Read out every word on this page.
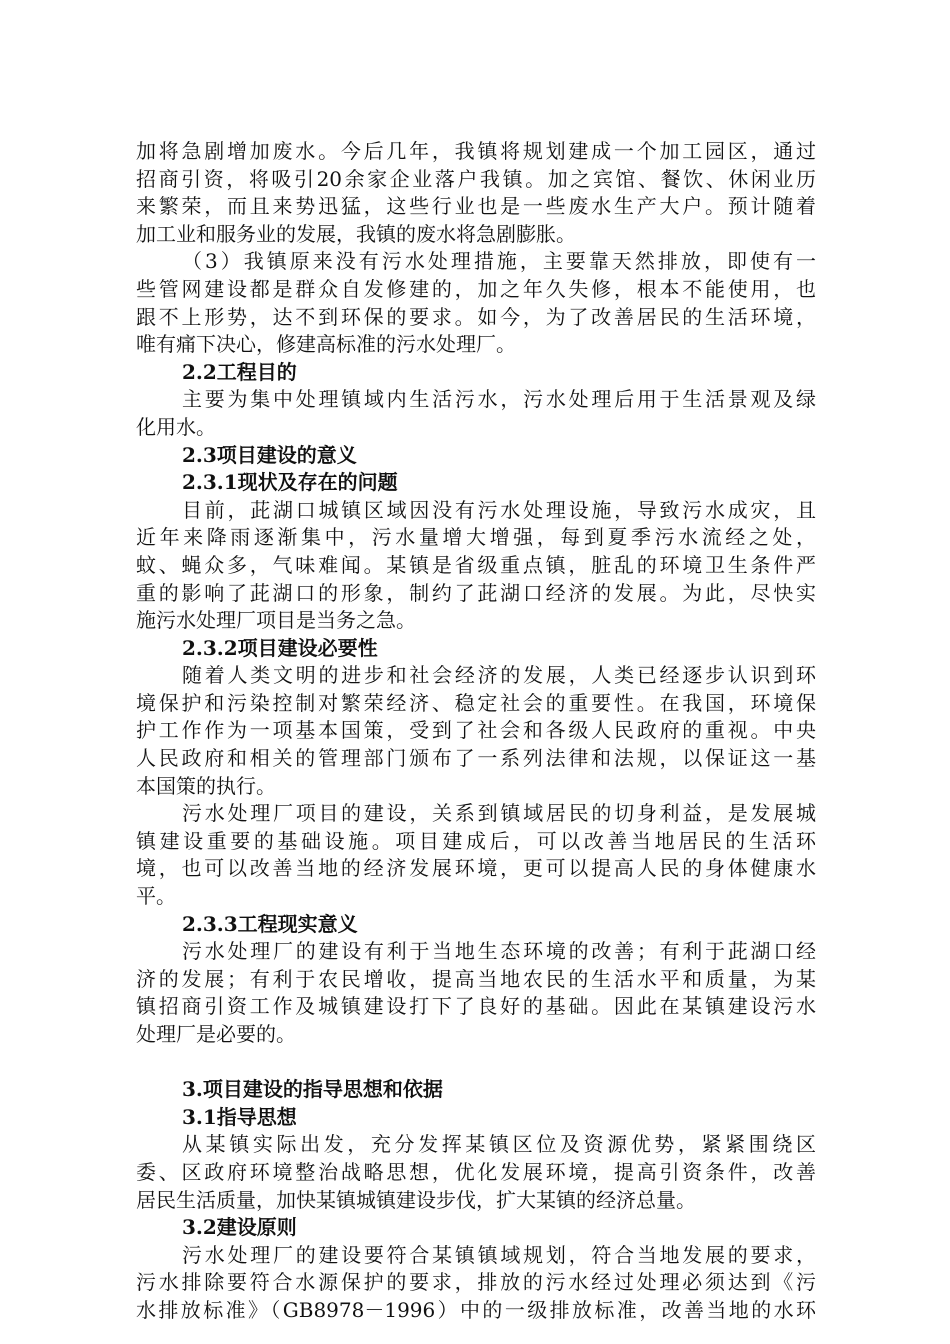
加将急剧增加废水。今后几年，我镇将规划建成一个加工园区，通过
招商引资，将吸引20余家企业落户我镇。加之宾馆、餐饮、休闲业历
来繁荣，而且来势迅猛，这些行业也是一些废水生产大户。预计随着
加工业和服务业的发展，我镇的废水将急剧膨胀。
（3）我镇原来没有污水处理措施，主要靠天然排放，即使有一
些管网建设都是群众自发修建的，加之年久失修，根本不能使用，也
跟不上形势，达不到环保的要求。如今，为了改善居民的生活环境，
唯有痛下决心，修建高标准的污水处理厂。
2.2工程目的
主要为集中处理镇域内生活污水，污水处理后用于生活景观及绿
化用水。
2.3项目建设的意义
2.3.1现状及存在的问题
目前，茈湖口城镇区域因没有污水处理设施，导致污水成灾，且
近年来降雨逐渐集中，污水量增大增强，每到夏季污水流经之处，
蚊、蝇众多，气味难闻。某镇是省级重点镇，脏乱的环境卫生条件严
重的影响了茈湖口的形象，制约了茈湖口经济的发展。为此，尽快实
施污水处理厂项目是当务之急。
2.3.2项目建设必要性
随着人类文明的进步和社会经济的发展，人类已经逐步认识到环
境保护和污染控制对繁荣经济、稳定社会的重要性。在我国，环境保
护工作作为一项基本国策，受到了社会和各级人民政府的重视。中央
人民政府和相关的管理部门颁布了一系列法律和法规，以保证这一基
本国策的执行。
污水处理厂项目的建设，关系到镇域居民的切身利益，是发展城
镇建设重要的基础设施。项目建成后，可以改善当地居民的生活环
境，也可以改善当地的经济发展环境，更可以提高人民的身体健康水
平。
2.3.3工程现实意义
污水处理厂的建设有利于当地生态环境的改善；有利于茈湖口经
济的发展；有利于农民增收，提高当地农民的生活水平和质量，为某
镇招商引资工作及城镇建设打下了良好的基础。因此在某镇建设污水
处理厂是必要的。
3.项目建设的指导思想和依据
3.1指导思想
从某镇实际出发，充分发挥某镇区位及资源优势，紧紧围绕区
委、区政府环境整治战略思想，优化发展环境，提高引资条件，改善
居民生活质量，加快某镇城镇建设步伐，扩大某镇的经济总量。
3.2建设原则
污水处理厂的建设要符合某镇镇域规划，符合当地发展的要求，
污水排除要符合水源保护的要求，排放的污水经过处理必须达到《污
水排放标准》（GB8978－1996）中的一级排放标准，改善当地的水环
